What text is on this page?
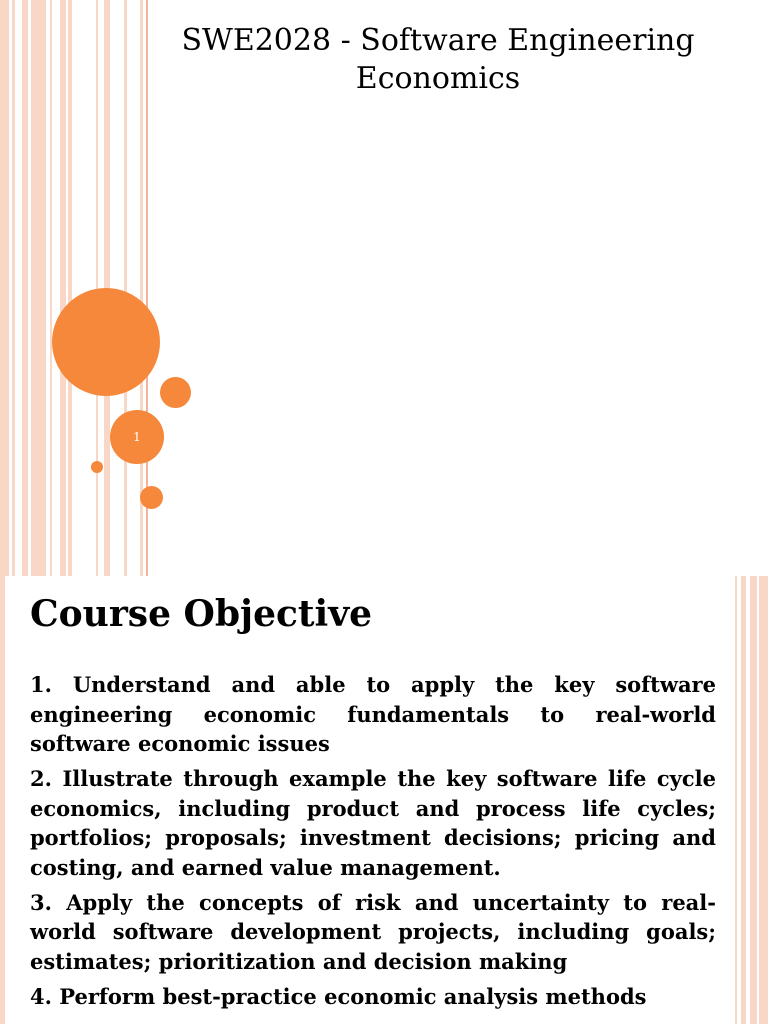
1
SWE2028 - Software Engineering
Economics
Course Objective
1. Understand and able to apply the key software engineering economic fundamentals to real-world software economic issues
2. Illustrate through example the key software life cycle economics, including product and process life cycles; portfolios; proposals; investment decisions; pricing and costing, and earned value management.
3. Apply the concepts of risk and uncertainty to real-world software development projects, including goals; estimates; prioritization and decision making
4. Perform best-practice economic analysis methods
